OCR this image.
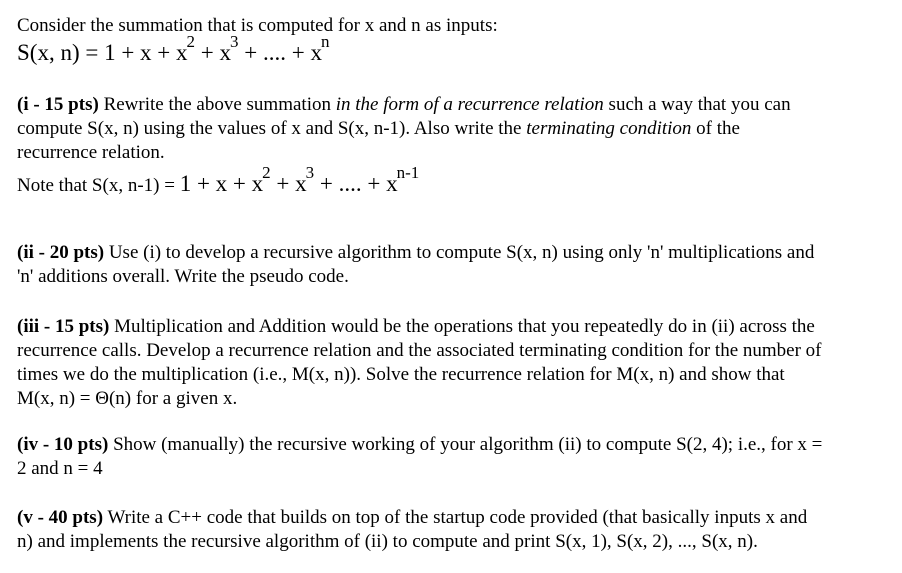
Consider the summation that is computed for x and n as inputs:
S(x, $n) = 1 + x + x^2 + x^3$ + .... + $x^n$
(i - 15 pts) Rewrite the above summation in the form of a recurrence relation such a way that you can
compute S(x, n) using the values of x and S(x, n-1). Also write the terminating condition of the
recurrence relation.
Note that S(x, $n-1) = 1 + x + x^2 + x^3$ + .... + $x^{n-1}$
(ii - 20 pts) Use (i) to develop a recursive algorithm to compute S(x, n) using only 'n' multiplications and
'n' additions overall. Write the pseudo code.
(iii - 15 pts) Multiplication and Addition would be the operations that you repeatedly do in (ii) across the
recurrence calls. Develop a recurrence relation and the associated terminating condition for the number of
times we do the multiplication (i.e., M(x, n)). Solve the recurrence relation for M(x, n) and show that
M(x, n) = Θ(n) for a given x.
(iv - 10 pts) Show (manually) the recursive working of your algorithm (ii) to compute S(2, 4); i.e., for x =
2 and n = 4
(v - 40 pts) Write a C++ code that builds on top of the startup code provided (that basically inputs x and
n) and implements the recursive algorithm of (ii) to compute and print S(x, 1), S(x, 2), ..., S(x, n).
